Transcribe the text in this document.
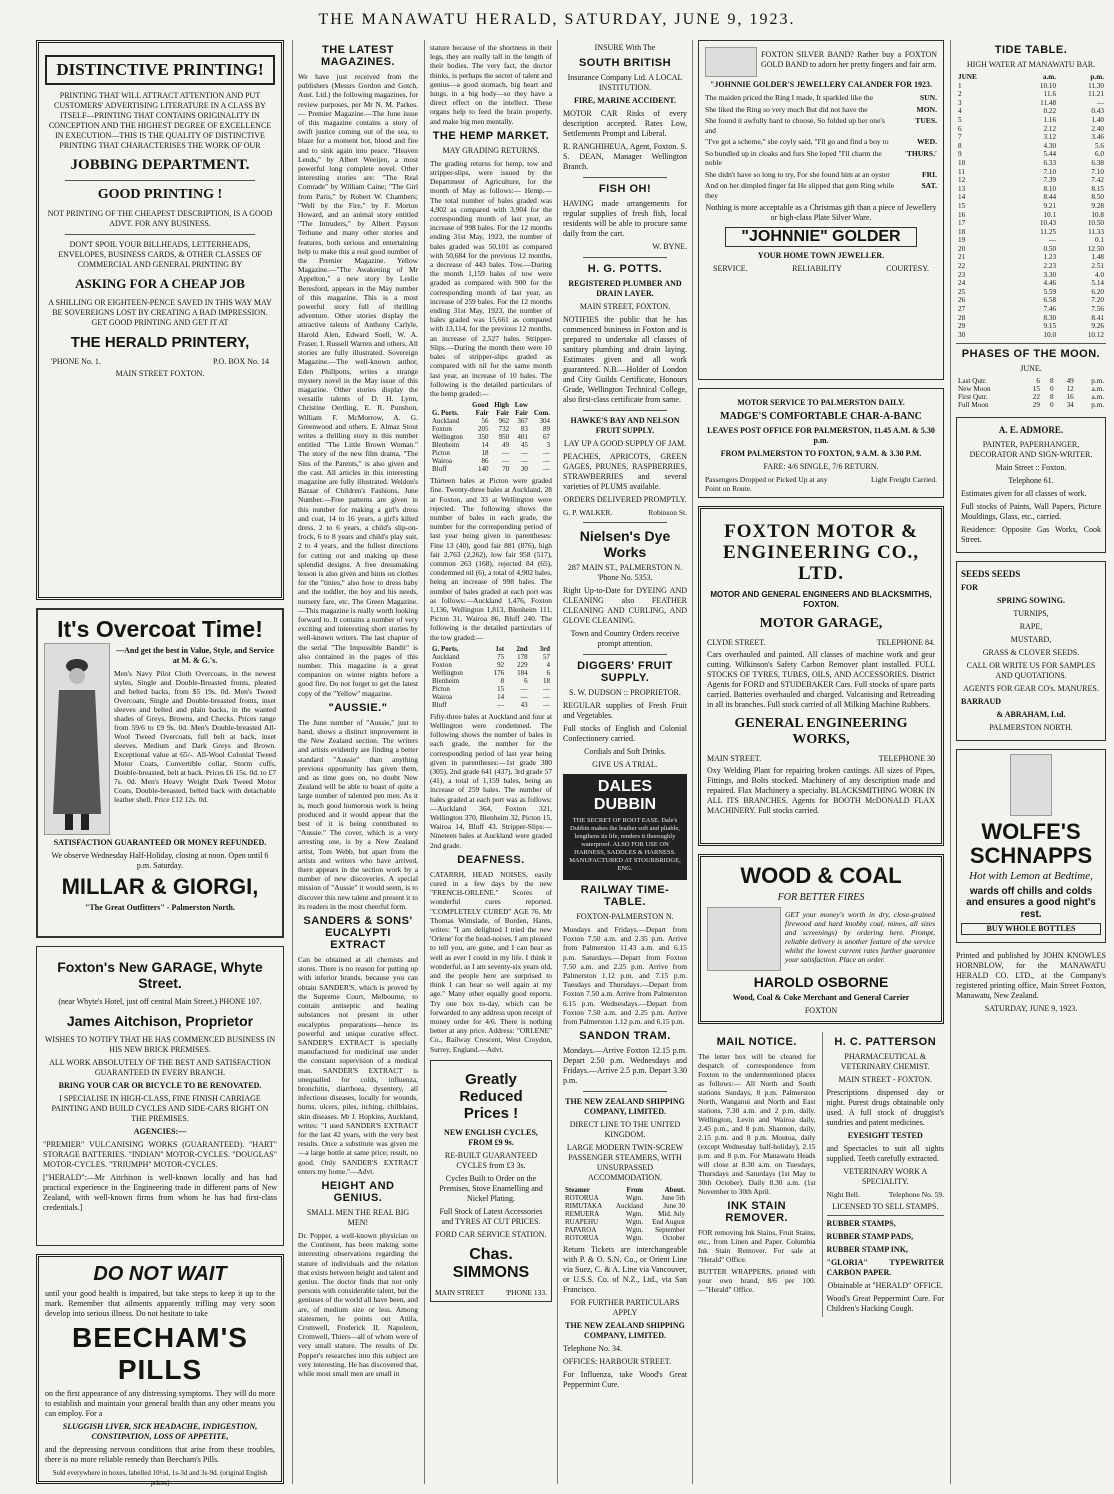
THE MANAWATU HERALD, SATURDAY, JUNE 9, 1923.
DISTINCTIVE PRINTING!

PRINTING THAT WILL ATTRACT ATTENTION AND PUT CUSTOMERS' ADVERTISING LITERATURE IN A CLASS BY ITSELF—PRINTING THAT CONTAINS ORIGINALITY IN CONCEPTION AND THE HIGHEST DEGREE OF EXCELLENCE IN EXECUTION—THIS IS THE QUALITY OF DISTINCTIVE PRINTING THAT CHARACTERISES THE WORK OF OUR

JOBBING DEPARTMENT.
GOOD PRINTING !

NOT PRINTING OF THE CHEAPEST DESCRIPTION, IS A GOOD ADVT. FOR ANY BUSINESS.

DON'T SPOIL YOUR BILLHEADS, LETTERHEADS, ENVELOPES, BUSINESS CARDS, & OTHER CLASSES OF COMMERCIAL AND GENERAL PRINTING BY

ASKING FOR A CHEAP JOB

A SHILLING OR EIGHTEEN-PENCE SAVED IN THIS WAY MAY BE SOVEREIGNS LOST BY CREATING A BAD IMPRESSION. GET GOOD PRINTING AND GET IT AT

THE HERALD PRINTERY,
'PHONE No. 1.	P.O. BOX No. 14

MAIN STREET FOXTON.

It's Overcoat Time!

—And get the best in Value, Style, and Service at M. & G.'s.

Men's Navy Pilot Cloth Overcoats, in the newest styles, Single and Double-Breasted fronts, pleated and belted backs, from $5 19s. 0d. Men's Tweed Overcoats, Single and Double-breasted fronts, inset sleeves and belted and plain backs, in the wanted shades of Greys, Browns, and Checks. Prices range from 59/6 to £9 9s. 0d. Men's Double-breasted All-Wool Tweed Overcoats, full belt at back, inset sleeves. Medium and Dark Greys and Brown. Exceptional value at 65/-. All-Wool Colonial Tweed Motor Coats, Convertible collar, Storm cuffs, Double-breasted, belt at back. Prices £6 15s. 0d. to £7 7s. 0d. Men's Heavy Weight Dark Tweed Motor Coats, Double-breasted, belted back with detachable leather shell. Price £12 12s. 0d.

SATISFACTION GUARANTEED OR MONEY REFUNDED.

We observe Wednesday Half-Holiday, closing at noon. Open until 6 p.m. Saturday.

MILLAR & GIORGI,

"The Great Outfitters" - Palmerston North.

Foxton's New GARAGE, Whyte Street.

(near Whyte's Hotel, just off central Main Street.) PHONE 107.

James Aitchison, Proprietor

WISHES TO NOTIFY THAT HE HAS COMMENCED BUSINESS IN HIS NEW BRICK PREMISES.

ALL WORK ABSOLUTELY OF THE BEST AND SATISFACTION GUARANTEED IN EVERY BRANCH.

BRING YOUR CAR OR BICYCLE TO BE RENOVATED.

I SPECIALISE IN HIGH-CLASS, FINE FINISH CARRIAGE PAINTING AND BUILD CYCLES AND SIDE-CARS RIGHT ON THE PREMISES.

AGENCIES:—

"PREMIER" VULCANISING WORKS (GUARANTEED). "HART" STORAGE BATTERIES. "INDIAN" MOTOR-CYCLES. "DOUGLAS" MOTOR-CYCLES. "TRIUMPH" MOTOR-CYCLES.

["HERALD":—Mr Aitchison is well-known locally and has had practical experience in the Engineering trade in different parts of New Zealand, with well-known firms from whom he has had first-class credentials.]

DO NOT WAIT

until your good health is impaired, but take steps to keep it up to the mark. Remember that ailments apparently trifling may very soon develop into serious illness. Do not hesitate to take

BEECHAM'S PILLS

on the first appearance of any distressing symptoms. They will do more to establish and maintain your general health than any other means you can employ. For a

SLUGGISH LIVER, SICK HEADACHE, INDIGESTION, CONSTIPATION, LOSS OF APPETITE,

and the depressing nervous conditions that arise from these troubles, there is no more reliable remedy than Beecham's Pills.

Sold everywhere in boxes, labelled 10½d, 1s-3d and 3s-9d. (original English prices)

THE LATEST MAGAZINES.

We have just received from the publishers (Messrs Gordon and Gotch, Aust. Ltd.) the following magazines, for review purposes, per Mr N. M. Parkes.— Premier Magazine.—The June issue of this magazine contains a story of swift justice coming out of the sea, to blaze for a moment hot, blood and fire and to sink again into peace. "Heaven Lends," by Albert Weeijen, a most powerful long complete novel. Other interesting stories are: "The Real Comrade" by William Caine; "The Girl from Paris," by Robert W. Chambers; "Well by the Fire," by F. Morton Howard, and an animal story entitled "The Intruders," by Albert Payson Terhune and many other stories and features, both serious and entertaining help to make this a real good number of the Premier Magazine. Yellow Magazine.—"The Awakening of Mr Appelton," a new story by Leslie Beresford, appears in the May number of this magazine. This is a most powerful story full of thrilling adventure. Other stories display the attractive talents of Anthony Carlyle, Harold Alen, Edward Soell, W. A. Fraser, I. Russell Warren and others. All stories are fully illustrated. Sovereign Magazine.—The well-known author, Eden Phillpotts, writes a strange mystery novel in the May issue of this magazine. Other stories display the versatile talents of D. H. Lynn, Christine Oertling, E. R. Punshon, William F. McMorrow, A. G. Greenwood and others. E. Almaz Stout writes a thrilling story in this number entitled "The Little Brown Woman." The story of the new film drama, "The Sins of the Parents," is also given and the cast. All articles in this interesting magazine are fully illustrated. Weldon's Bazaar of Children's Fashions, June Number.—Free patterns are given in this number for making a girl's dress and coat, 14 to 16 years, a girl's kilted dress, 2 to 6 years, a child's slip-on-frock, 6 to 8 years and child's play suit, 2 to 4 years, and the fullest directions for cutting out and making up these splendid designs. A free dressmaking lesson is also given and hints on clothes for the "tinies," also how to dress baby and the toddler, the boy and his needs, nursery fare, etc. The Green Magazine.—This magazine is really worth looking forward to. It contains a number of very exciting and interesting short stories by well-known writers. The last chapter of the serial "The Impossible Bandit" is also contained in the pages of this number. This magazine is a great companion on winter nights before a good fire. Do not forget to get the latest copy of the "Yellow" magazine.

"AUSSIE."

The June number of "Aussie," just to hand, shows a distinct improvement in the New Zealand section. The writers and artists evidently are finding a better standard "Aussie" than anything previous opportunity has given them, and as time goes on, no doubt New Zealand will be able to boast of quite a large number of talented pen men. As it is, much good humorous work is being produced and it would appear that the best of it is being contributed to "Aussie." The cover, which is a very arresting one, is by a New Zealand artist, Tom Webb, but apart from the artists and writers who have arrived, there appears in the section work by a number of new discoveries. A special mission of "Aussie" it would seem, is to discover this new talent and present it to its readers in the most cheerful form.

SANDERS & SONS' EUCALYPTI EXTRACT

Can be obtained at all chemists and stores. There is no reason for putting up with inferior brands, because you can obtain SANDER'S, which is proved by the Supreme Court, Melbourne, to contain antiseptic and healing substances not present in other eucalyptus preparations—hence its powerful and unique curative effect. SANDER'S EXTRACT is specially manufactured for medicinal use under the constant supervision of a medical man. SANDER'S EXTRACT is unequalled for colds, influenza, bronchitis, diarrhoea, dysentery, all infectious diseases, locally for wounds, burns, ulcers, piles, itching, chilblains, skin diseases. Mr J. Hopkins, Auckland, writes: "I used SANDER'S EXTRACT for the last 42 years, with the very best results. Once a substitute was given me—a large bottle at same price; result, no good. Only SANDER'S EXTRACT enters my home."—Advt.

HEIGHT AND GENIUS.

SMALL MEN THE REAL BIG MEN!

Dr. Popper, a well-known physician on the Continent, has been making some interesting observations regarding the stature of individuals and the relation that exists between height and talent and genius. The doctor finds that not only persons with considerable talent, but the geniuses of the world all have been, and are, of medium size or less. Among statesmen, he points out Attila, Cromwell, Frederick II, Napoleon, Cromwell, Thiers—all of whom were of very small stature. The results of Dr. Popper's researches into this subject are very interesting. He has discovered that, while most small men are small in

stature because of the shortness in their legs, they are really tall in the length of their bodies. The very fact, the doctor thinks, is perhaps the secret of talent and genius—a good stomach, big heart and lungs, in a big body—so they have a direct effect on the intellect. These organs help to feed the brain properly, and make big men mentally.

THE HEMP MARKET.

MAY GRADING RETURNS.

The grading returns for hemp, tow and stripper-slips, were issued by the Department of Agriculture, for the month of May as follows:— Hemp.—The total number of bales graded was 4,902 as compared with 3,904 for the corresponding month of last year, an increase of 998 bales. For the 12 months ending 31st May, 1923, the number of bales graded was 50,101 as compared with 50,684 for the previous 12 months, a decrease of 443 bales. Tow.—During the month 1,159 bales of tow were graded as compared with 900 for the corresponding month of last year, an increase of 259 bales. For the 12 months ending 31st May, 1923, the number of bales graded was 15,661 as compared with 13,114, for the previous 12 months, an increase of 2,527 bales. Stripper-Slips.—During the month there were 10 bales of stripper-slips graded as compared with nil for the same month last year, an increase of 10 bales. The following is the detailed particulars of the hemp graded:—

	Good	High	Low	
G. Ports.	Fair	Fair	Fair	Com.
Auckland	56	962	367	304
Foxton	205	732	83	89
Wellington	350	950	401	67
Blenheim	14	49	45	3
Picton	18	—	—	—
Wairoa	86	—	—	—
Bluff	140	70	30	—

Thirteen bales at Picton were graded fine. Twenty-three bales at Auckland, 28 at Foxton, and 33 at Wellington were rejected. The following shows the number of bales in each grade, the number for the corresponding period of last year being given in parentheses: Fine 13 (40), good fair 881 (876), high fair 2,763 (2,262), low fair 958 (517), common 263 (168), rejected 84 (65), condemned nil (6), a total of 4,902 bales, being an increase of 998 bales. The number of bales graded at each port was as follows:—Auckland 1,476, Foxton 1,136, Wellington 1,813, Blenheim 111, Picton 31, Wairoa 86, Bluff 240. The following is the detailed particulars of the tow graded:—

G. Ports.	1st	2nd	3rd
Auckland	75	178	57
Foxton	92	229	4
Wellington	176	184	6
Blenheim	8	6	18
Picton	15	—	—
Wairoa	14	—	—
Bluff	—	43	—

Fifty-three bales at Auckland and four at Wellington were condemned. The following shows the number of bales in each grade, the number for the corresponding period of last year being given in parentheses:—1st grade 380 (305), 2nd grade 641 (437), 3rd grade 57 (41), a total of 1,159 bales, being an increase of 259 bales. The number of bales graded at each port was as follows:—Auckland 364, Foxton 321, Wellington 370, Blenheim 32, Picton 15, Wairoa 14, Bluff 43. Stripper-Slips:—Nineteen bales at Auckland were graded 2nd grade.

DEAFNESS.

CATARRH, HEAD NOISES, easily cured in a few days by the new "FRENCH-ORLENE." Scores of wonderful cures reported. "COMPLETELY CURED" AGE 76. Mr Thomas Wimslade, of Borden, Hants, writes: "I am delighted I tried the new 'Orlene' for the head-noises, I am pleased to tell you, are gone, and I can hear as well as ever I could in my life. I think it wonderful, as I am seventy-six years old, and the people here are surprised to think I can hear so well again at my age." Many other equally good reports. Try one box to-day, which can be forwarded to any address upon receipt of money order for 4/6. There is nothing better at any price. Address: "ORLENE" Co., Railway Crescent, West Croydon, Surrey, England.—Advt.

Greatly Reduced Prices !

NEW ENGLISH CYCLES, FROM £9 9s.

RE-BUILT GUARANTEED CYCLES from £3 3s.

Cycles Built to Order on the Premises, Stove Enamelling and Nickel Plating.

Full Stock of Latest Accessories and TYRES AT CUT PRICES.

FORD CAR SERVICE STATION.

Chas. SIMMONS
MAIN STREET	'PHONE 133.

INSURE With The

SOUTH BRITISH

Insurance Company Ltd. A LOCAL INSTITUTION.

FIRE, MARINE ACCIDENT.

MOTOR CAR Risks of every description accepted. Rates Low, Settlements Prompt and Liberal.

R. RANGHIHEUA, Agent, Foxton. S. S. DEAN, Manager Wellington Branch.

FISH OH!

HAVING made arrangements for regular supplies of fresh fish, local residents will be able to procure same daily from the cart.

W. BYNE.

H. G. POTTS.

REGISTERED PLUMBER AND DRAIN LAYER.

MAIN STREET, FOXTON.

NOTIFIES the public that he has commenced business in Foxton and is prepared to undertake all classes of sanitary plumbing and drain laying. Estimates given and all work guaranteed. N.B.—Holder of London and City Guilds Certificate, Honours Grade, Wellington Technical College, also first-class certificate from same.

HAWKE'S BAY AND NELSON FRUIT SUPPLY.

LAY UP A GOOD SUPPLY OF JAM.

PEACHES, APRICOTS, GREEN GAGES, PRUNES, RASPBERRIES, STRAWBERRIES and several varieties of PLUMS available.

ORDERS DELIVERED PROMPTLY.

G. P. WALKER.	Robinson St.
Nielsen's Dye Works

287 MAIN ST., PALMERSTON N. 'Phone No. 5353.

Right Up-to-Date for DYEING AND CLEANING also FEATHER CLEANING AND CURLING, AND GLOVE CLEANING.

Town and Country Orders receive prompt attention.

DIGGERS' FRUIT SUPPLY.

S. W. DUDSON :: PROPRIETOR.

REGULAR supplies of Fresh Fruit and Vegetables.

Full stocks of English and Colonial Confectionery carried.

Cordials and Soft Drinks.

GIVE US A TRIAL.

DALES DUBBIN

THE SECRET OF ROOT EASE. Dale's Dubbin makes the leather soft and pliable, lengthens its life, renders it thoroughly waterproof. ALSO FOR USE ON HARNESS, SADDLES & HARNESS. MANUFACTURED AT STOURBRIDGE, ENG.

RAILWAY TIME-TABLE.

FOXTON-PALMERSTON N.

Mondays and Fridays.—Depart from Foxton 7.50 a.m. and 2.35 p.m. Arrive from Palmerston 11.43 a.m. and 6.15 p.m. Saturdays.—Depart from Foxton 7.50 a.m. and 2.25 p.m. Arrive from Palmerston 1.12 p.m. and 7.15 p.m. Tuesdays and Thursdays.—Depart from Foxton 7.50 a.m. Arrive from Palmerston 6.15 p.m. Wednesdays.—Depart from Foxton 7.50 a.m. and 2.25 p.m. Arrive from Palmerston 1.12 p.m. and 6.15 p.m.

SANDON TRAM.

Mondays.—Arrive Foxton 12.15 p.m. Depart 2.50 p.m. Wednesdays and Fridays.—Arrive 2.5 p.m. Depart 3.30 p.m.

THE NEW ZEALAND SHIPPING COMPANY, LIMITED.

DIRECT LINE TO THE UNITED KINGDOM.

LARGE MODERN TWIN-SCREW PASSENGER STEAMERS, WITH UNSURPASSED ACCOMMODATION.

Steamer	From	About.
ROTORUA	Wgtn.	June 5th
RIMUTAKA	Auckland	June 30
REMUERA	Wgtn.	Mid. July
RUAPEHU	Wgtn.	End August
PAPAROA	Wgtn.	September
ROTORUA	Wgtn.	October

Return Tickets are interchangeable with P. & O. S.N. Co., or Orient Line via Suez, C. & A. Line via Vancouver, or U.S.S. Co. of N.Z., Ltd., via San Francisco.

FOR FURTHER PARTICULARS APPLY

THE NEW ZEALAND SHIPPING COMPANY, LIMITED.

Telephone No. 34.

OFFICES: HARBOUR STREET.

For Influenza, take Wood's Great Peppermint Cure.

FOXTON SILVER BAND? Rather buy a FOXTON GOLD BAND to adorn her pretty fingers and fair arm.

"JOHNNIE GOLDER'S JEWELLERY CALANDER FOR 1923.

The maiden priced the Ring I made, It sparkled like the	SUN.
She liked the Ring so very much But did not have the	MON.
She found it awfully hard to choose, So folded up her one's and
TUES.
"I've got a scheme," she coyly said, "I'll go and find a boy to	WED.
So bundled up in cloaks and furs She loped "I'll charm the noble
'THURS.'
She didn't have so long to try, For she found him at an oyster	FRI.
And on her dimpled finger fat He slipped that gem Ring while they
SAT.

Nothing is more acceptable as a Christmas gift than a piece of Jewellery or high-class Plate Silver Ware.

"JOHNNIE" GOLDER

YOUR HOME TOWN JEWELLER.

SERVICE.	RELIABILITY	COURTESY.

MOTOR SERVICE TO PALMERSTON DAILY.

MADGE'S COMFORTABLE CHAR-A-BANC

LEAVES POST OFFICE FOR PALMERSTON, 11.45 A.M. & 5.30 p.m.

FROM PALMERSTON TO FOXTON, 9 A.M. & 3.30 P.M.

FARE: 4/6 SINGLE, 7/6 RETURN.

Passengers Dropped or Picked Up at any Point on Route.
Light Freight Carried.
FOXTON MOTOR & ENGINEERING CO., LTD.

MOTOR AND GENERAL ENGINEERS AND BLACKSMITHS, FOXTON.

MOTOR GARAGE,
CLYDE STREET.	TELEPHONE 84.

Cars overhauled and painted. All classes of machine work and gear cutting. Wilkinson's Safety Carbon Remover plant installed. FULL STOCKS OF TYRES, TUBES, OILS, AND ACCESSORIES. District Agents for FORD and STUDEBAKER Cars. Full stocks of spare parts carried. Batteries overhauled and charged. Valcanising and Retreading in all its branches. Full stock carried of all Milking Machine Rubbers.

GENERAL ENGINEERING WORKS,
MAIN STREET.	TELEPHONE 30

Oxy Welding Plant for repairing broken castings. All sizes of Pipes, Fittings, and Bolts stocked. Machinery of any description made and repaired. Flax Machinery a specialty. BLACKSMITHING WORK IN ALL ITS BRANCHES. Agents for BOOTH McDONALD FLAX MACHINERY. Full stocks carried.

WOOD & COAL

FOR BETTER FIRES

GET your money's worth in dry, close-grained firewood and hard knobby coal, mines, all sizes and screenings) by ordering here. Prompt, reliable delivery is another feature of the service whilst the lowest current rates further guarantee your satisfaction. Place an order.

HAROLD OSBORNE

Wood, Coal & Coke Merchant and General Carrier

FOXTON

MAIL NOTICE.

The letter box will be cleared for despatch of correspondence from Foxton to the undermentioned places as follows:— All North and South stations Sundays, 8 p.m. Palmerston North, Wanganui and North and East stations, 7.30 a.m. and 2 p.m. daily. Wellington, Levin and Wairoa daily, 2.45 p.m., and 8 p.m. Shannon, daily, 2.15 p.m. and 8 p.m. Moutoa, daily (except Wednesday half-holiday), 2.15 p.m. and 8 p.m. For Manawatu Heads will close at 8.30 a.m. on Tuesdays, Thursdays and Saturdays (1st May to 30th October). Daily 8.30 a.m. (1st November to 30th April.

INK STAIN REMOVER.

FOR removing Ink Stains, Fruit Stains, etc., from Linen and Paper. Columbia Ink Stain Remover. For sale at "Herald" Office.

BUTTER WRAPPERS, printed with your own brand, 8/6 per 100.—"Herald" Office.

H. C. PATTERSON

PHARMACEUTICAL & VETERINARY CHEMIST.

MAIN STREET - FOXTON.

Prescriptions dispensed day or night. Purest drugs obtainable only used. A full stock of druggist's sundries and patent medicines.

EYESIGHT TESTED

and Spectacles to suit all sights supplied. Teeth carefully extracted.

VETERINARY WORK A SPECIALITY.

Night Bell.	Telephone No. 59.

LICENSED TO SELL STAMPS.

RUBBER STAMPS,

RUBBER STAMP PADS,

RUBBER STAMP INK,

"GLORIA" TYPEWRITER CARBON PAPER.

Obtainable at "HERALD" OFFICE.

Wood's Great Peppermint Cure. For Children's Hacking Cough.

TIDE TABLE.

HIGH WATER AT MANAWATU BAR.

JUNE	a.m.	p.m.
1	10.10	11.30
2	11.6	11.21
3	11.48	—
4	0.22	0.43
5	1.16	1.40
6	2.12	2.40
7	3.12	3.46
8	4.30	5.6
9	5.44	6.0
10	6.33	6.38
11	7.10	7.10
12	7.39	7.42
13	8.10	8.15
14	8.44	8.50
15	9.21	9.28
16	10.1	10.8
17	10.43	10.50
18	11.25	11.33
19	—	0.1
20	0.50	12.50
21	1.23	1.48
22	2.23	2.51
23	3.30	4.0
24	4.46	5.14
25	5.59	6.20
26	6.58	7.20
27	7.46	7.56
28	8.30	8.41
29	9.15	9.26
30	10.0	10.12
PHASES OF THE MOON.

JUNE.

Last Qutr.	6	8	49	p.m.
New Moon	15	0	12	a.m.
First Qutr.	22	8	16	a.m.
Full Moon	29	0	34	p.m.

A. E. ADMORE.

PAINTER, PAPERHANGER, DECORATOR AND SIGN-WRITER.

Main Street :: Foxton.

Telephone 61.

Estimates given for all classes of work.

Full stocks of Paints, Wall Papers, Picture Mouldings, Glass, etc., carried.

Residence: Opposite Gas Works, Cook Street.

SEEDS SEEDS

FOR

SPRING SOWING.

TURNIPS,

RAPE,

MUSTARD,

GRASS & CLOVER SEEDS.

CALL OR WRITE US FOR SAMPLES AND QUOTATIONS.

AGENTS FOR GEAR CO's. MANURES.

BARRAUD

& ABRAHAM, Ltd.

PALMERSTON NORTH.

WOLFE'S SCHNAPPS

Hot with Lemon at Bedtime,

wards off chills and colds and ensures a good night's rest.

BUY WHOLE BOTTLES

Printed and published by JOHN KNOWLES HORNBLOW, for the MANAWATU HERALD CO. LTD., at the Company's registered printing office, Main Street Foxton, Manawatu, New Zealand.

SATURDAY, JUNE 9, 1923.
